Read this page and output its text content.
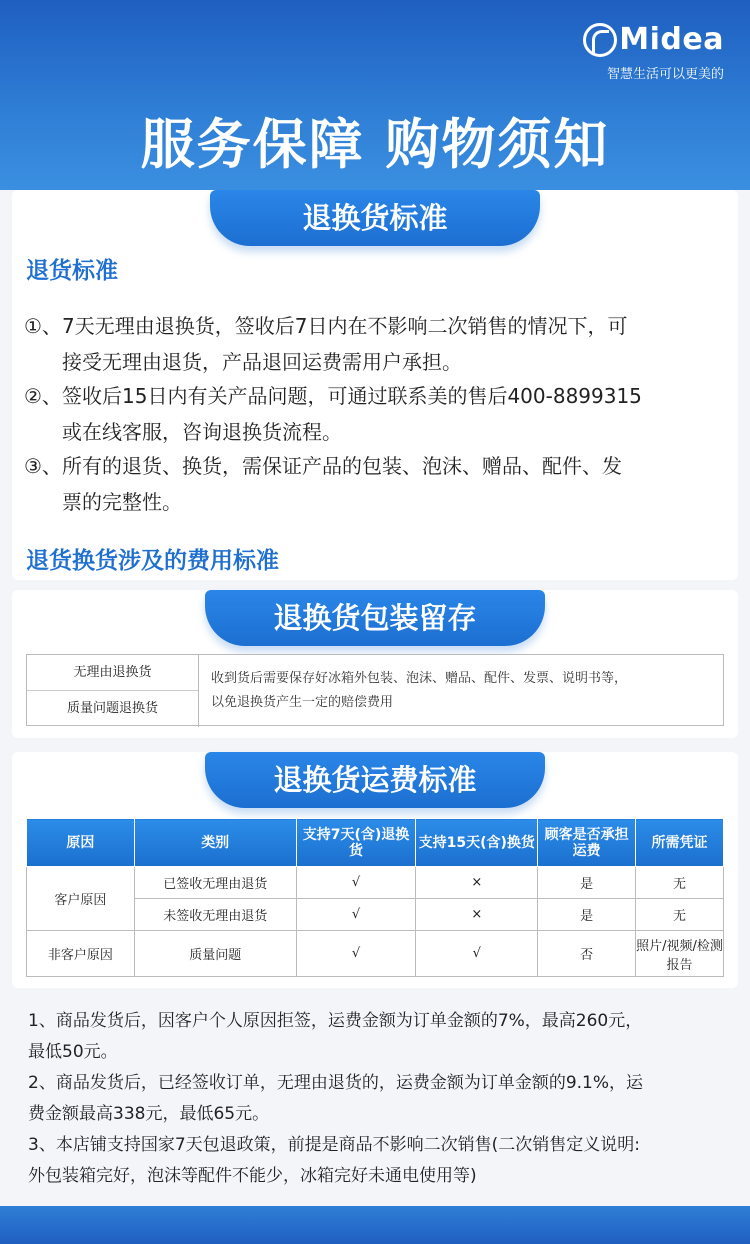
Midea
智慧生活可以更美的
服务保障 购物须知
退换货标准
退货标准
①、7天无理由退换货，签收后7日内在不影响二次销售的情况下，可
接受无理由退货，产品退回运费需用户承担。
②、签收后15日内有关产品问题，可通过联系美的售后400-8899315
或在线客服，咨询退换货流程。
③、所有的退货、换货，需保证产品的包装、泡沫、赠品、配件、发
票的完整性。
退货换货涉及的费用标准
退换货包装留存
无理由退换货
质量问题退换货
收到货后需要保存好冰箱外包装、泡沫、赠品、配件、发票、说明书等，
以免退换货产生一定的赔偿费用
退换货运费标准
原因	类别	支持7天(含)退换货	支持15天(含)换货	顾客是否承担运费	所需凭证
客户原因	已签收无理由退货	√	×	是	无
	未签收无理由退货	√	×	是	无
非客户原因	质量问题	√	√	否	照片/视频/检测报告
1、商品发货后，因客户个人原因拒签，运费金额为订单金额的7%，最高260元，
最低50元。
2、商品发货后，已经签收订单，无理由退货的，运费金额为订单金额的9.1%，运
费金额最高338元，最低65元。
3、本店铺支持国家7天包退政策，前提是商品不影响二次销售(二次销售定义说明:
外包装箱完好，泡沫等配件不能少，冰箱完好未通电使用等)
